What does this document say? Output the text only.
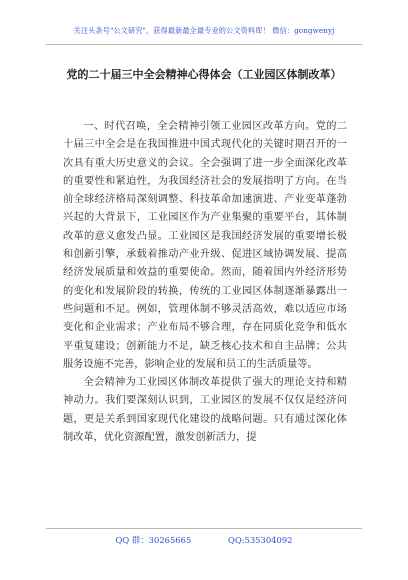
关注头条号"公文研究"，获得最新最全最专业的公文资料库！ 微信：gongwenyj
党的二十届三中全会精神心得体会（工业园区体制改革）

一、时代召唤，全会精神引领工业园区改革方向。党的二十届三中全会是在我国推进中国式现代化的关键时期召开的一次具有重大历史意义的会议。全会强调了进一步全面深化改革的重要性和紧迫性，为我国经济社会的发展指明了方向。在当前全球经济格局深刻调整、科技革命加速演进、产业变革蓬勃兴起的大背景下，工业园区作为产业集聚的重要平台，其体制改革的意义愈发凸显。工业园区是我国经济发展的重要增长极和创新引擎，承载着推动产业升级、促进区域协调发展、提高经济发展质量和效益的重要使命。然而，随着国内外经济形势的变化和发展阶段的转换，传统的工业园区体制逐渐暴露出一些问题和不足。例如，管理体制不够灵活高效，难以适应市场变化和企业需求；产业布局不够合理，存在同质化竞争和低水平重复建设；创新能力不足，缺乏核心技术和自主品牌；公共服务设施不完善，影响企业的发展和员工的生活质量等。

全会精神为工业园区体制改革提供了强大的理论支持和精神动力。我们要深刻认识到，工业园区的发展不仅仅是经济问题，更是关系到国家现代化建设的战略问题。只有通过深化体制改革，优化资源配置，激发创新活力，提

QQ 群：30265665	QQ:535304092
